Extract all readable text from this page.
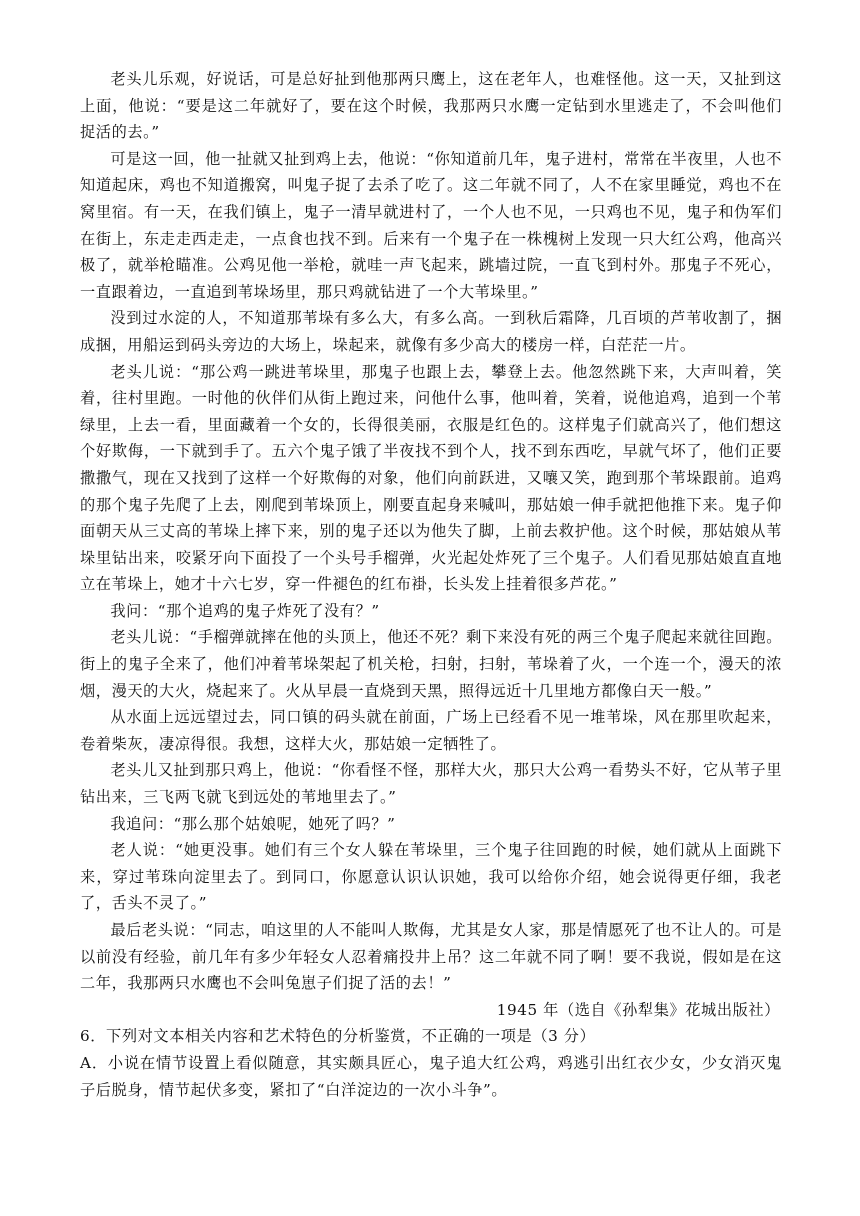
老头儿乐观，好说话，可是总好扯到他那两只鹰上，这在老年人，也难怪他。这一天，又扯到这上面，他说：“要是这二年就好了，要在这个时候，我那两只水鹰一定钻到水里逃走了，不会叫他们捉活的去。”

可是这一回，他一扯就又扯到鸡上去，他说：“你知道前几年，鬼子进村，常常在半夜里，人也不知道起床，鸡也不知道搬窝，叫鬼子捉了去杀了吃了。这二年就不同了，人不在家里睡觉，鸡也不在窝里宿。有一天，在我们镇上，鬼子一清早就进村了，一个人也不见，一只鸡也不见，鬼子和伪军们在街上，东走走西走走，一点食也找不到。后来有一个鬼子在一株槐树上发现一只大红公鸡，他高兴极了，就举枪瞄准。公鸡见他一举枪，就哇一声飞起来，跳墙过院，一直飞到村外。那鬼子不死心，一直跟着边，一直追到苇垛场里，那只鸡就钻进了一个大苇垛里。”

没到过水淀的人，不知道那苇垛有多么大，有多么高。一到秋后霜降，几百顷的芦苇收割了，捆成捆，用船运到码头旁边的大场上，垛起来，就像有多少高大的楼房一样，白茫茫一片。

老头儿说：“那公鸡一跳进苇垛里，那鬼子也跟上去，攀登上去。他忽然跳下来，大声叫着，笑着，往村里跑。一时他的伙伴们从街上跑过来，问他什么事，他叫着，笑着，说他追鸡，追到一个苇绿里，上去一看，里面藏着一个女的，长得很美丽，衣服是红色的。这样鬼子们就高兴了，他们想这个好欺侮，一下就到手了。五六个鬼子饿了半夜找不到个人，找不到东西吃，早就气坏了，他们正要撒撒气，现在又找到了这样一个好欺侮的对象，他们向前跃进，又嚷又笑，跑到那个苇垛跟前。追鸡的那个鬼子先爬了上去，刚爬到苇垛顶上，刚要直起身来喊叫，那姑娘一伸手就把他推下来。鬼子仰面朝天从三丈高的苇垛上摔下来，别的鬼子还以为他失了脚，上前去救护他。这个时候，那姑娘从苇垛里钻出来，咬紧牙向下面投了一个头号手榴弹，火光起处炸死了三个鬼子。人们看见那姑娘直直地立在苇垛上，她才十六七岁，穿一件褪色的红布褂，长头发上挂着很多芦花。”

我问：“那个追鸡的鬼子炸死了没有？”

老头儿说：“手榴弹就摔在他的头顶上，他还不死？剩下来没有死的两三个鬼子爬起来就往回跑。街上的鬼子全来了，他们冲着苇垛架起了机关枪，扫射，扫射，苇垛着了火，一个连一个，漫天的浓烟，漫天的大火，烧起来了。火从早晨一直烧到天黑，照得远近十几里地方都像白天一般。”

从水面上远远望过去，同口镇的码头就在前面，广场上已经看不见一堆苇垛，风在那里吹起来，卷着柴灰，凄凉得很。我想，这样大火，那姑娘一定牺牲了。

老头儿又扯到那只鸡上，他说：“你看怪不怪，那样大火，那只大公鸡一看势头不好，它从苇子里钻出来，三飞两飞就飞到远处的苇地里去了。”

我追问：“那么那个姑娘呢，她死了吗？”

老人说：“她更没事。她们有三个女人躲在苇垛里，三个鬼子往回跑的时候，她们就从上面跳下来，穿过苇珠向淀里去了。到同口，你愿意认识认识她，我可以给你介绍，她会说得更仔细，我老了，舌头不灵了。”

最后老头说：“同志，咱这里的人不能叫人欺侮，尤其是女人家，那是情愿死了也不让人的。可是以前没有经验，前几年有多少年轻女人忍着痛投井上吊？这二年就不同了啊！要不我说，假如是在这二年，我那两只水鹰也不会叫兔崽子们捉了活的去！”

1945 年（选自《孙犁集》花城出版社）

6．下列对文本相关内容和艺术特色的分析鉴赏，不正确的一项是（3 分）

A．小说在情节设置上看似随意，其实颇具匠心，鬼子追大红公鸡，鸡逃引出红衣少女，少女消灭鬼子后脱身，情节起伏多变，紧扣了“白洋淀边的一次小斗争”。
